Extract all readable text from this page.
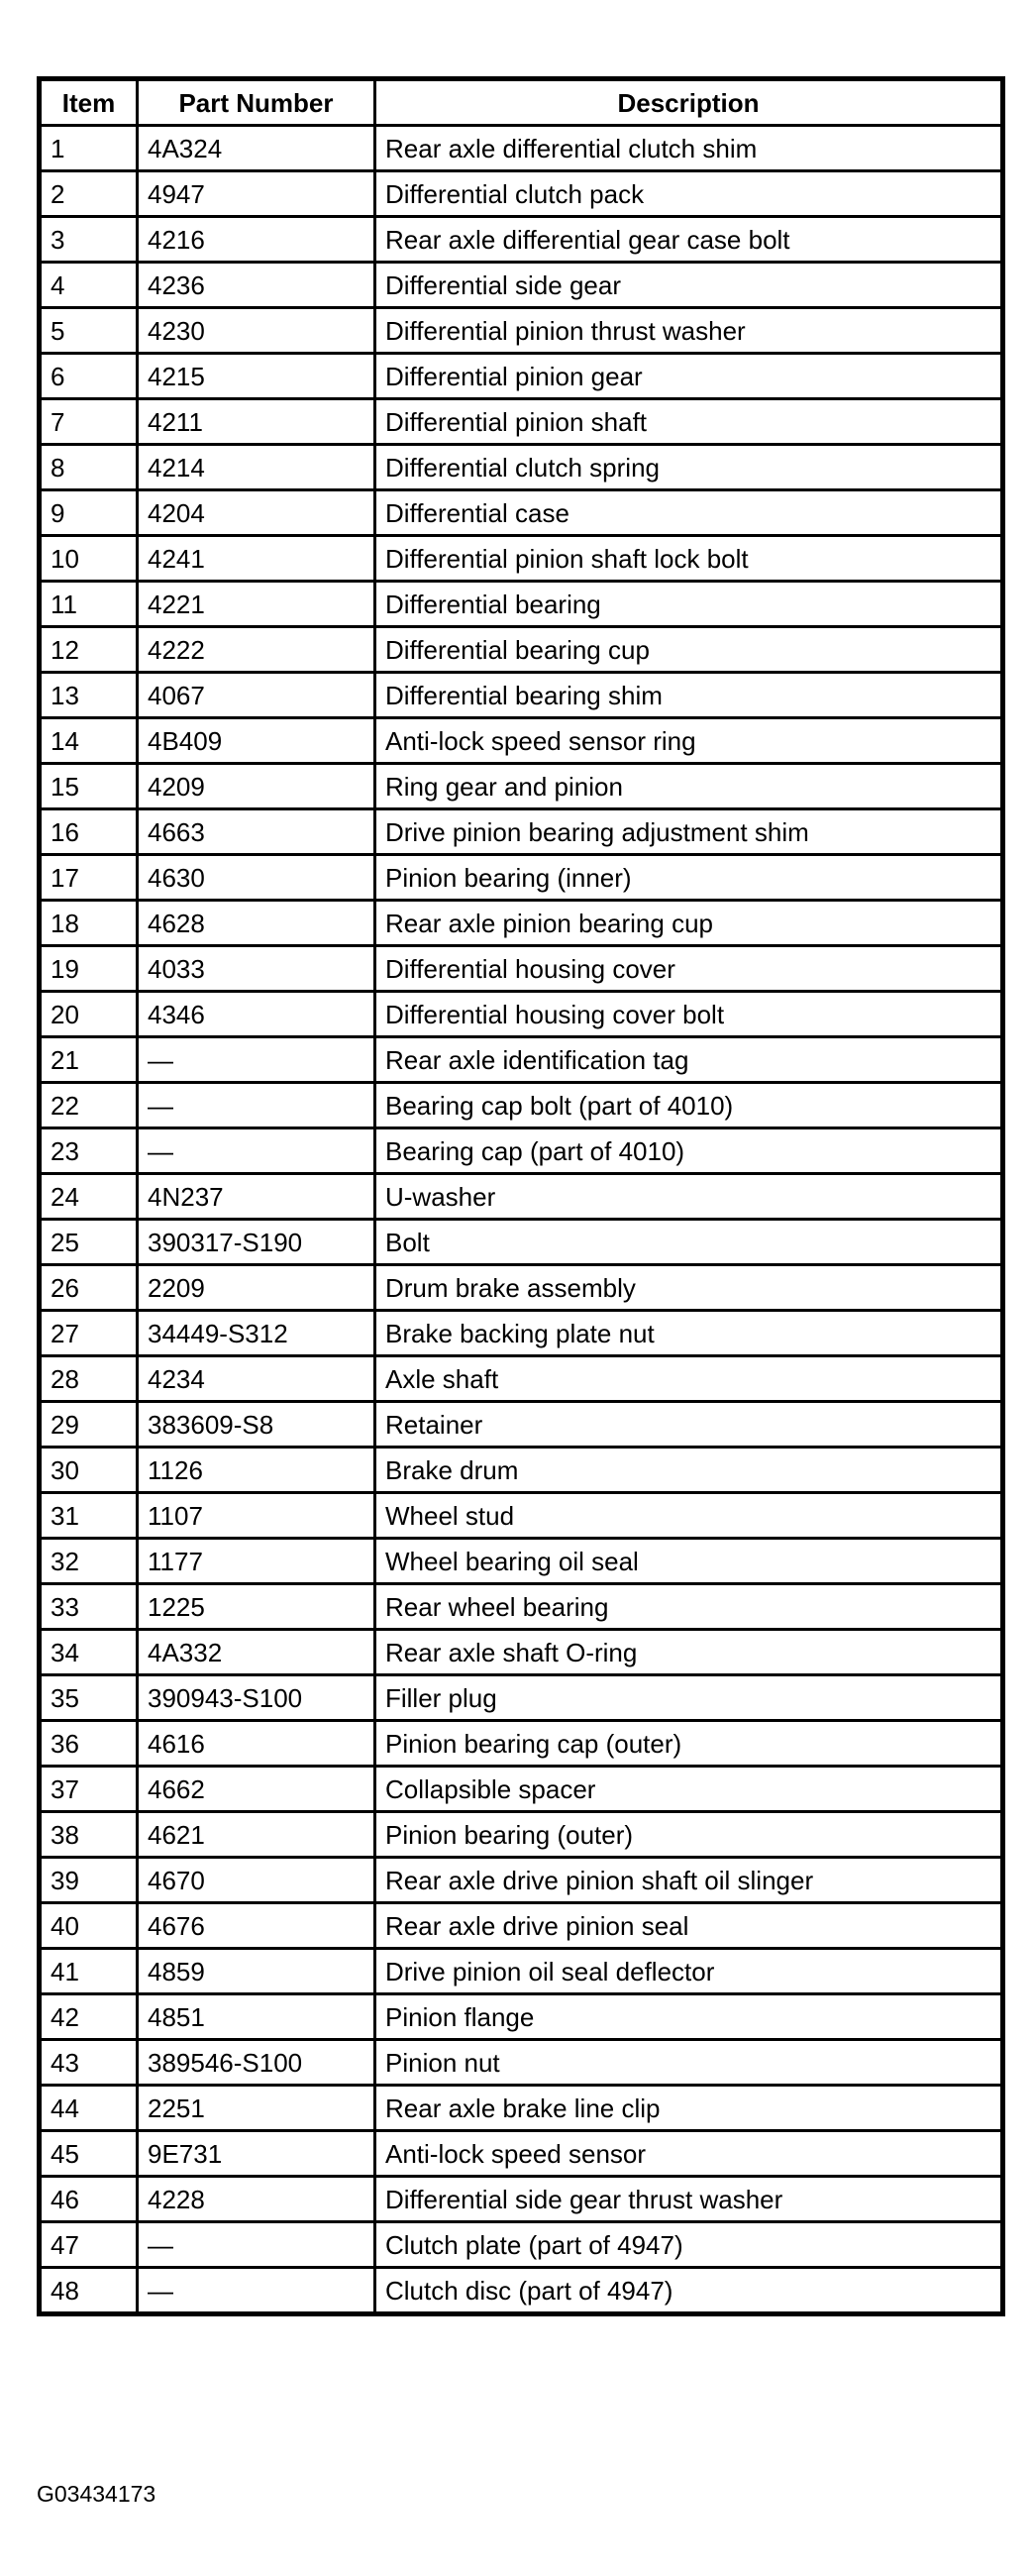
Item	Part Number	Description
1	4A324	Rear axle differential clutch shim
2	4947	Differential clutch pack
3	4216	Rear axle differential gear case bolt
4	4236	Differential side gear
5	4230	Differential pinion thrust washer
6	4215	Differential pinion gear
7	4211	Differential pinion shaft
8	4214	Differential clutch spring
9	4204	Differential case
10	4241	Differential pinion shaft lock bolt
11	4221	Differential bearing
12	4222	Differential bearing cup
13	4067	Differential bearing shim
14	4B409	Anti-lock speed sensor ring
15	4209	Ring gear and pinion
16	4663	Drive pinion bearing adjustment shim
17	4630	Pinion bearing (inner)
18	4628	Rear axle pinion bearing cup
19	4033	Differential housing cover
20	4346	Differential housing cover bolt
21	—	Rear axle identification tag
22	—	Bearing cap bolt (part of 4010)
23	—	Bearing cap (part of 4010)
24	4N237	U-washer
25	390317-S190	Bolt
26	2209	Drum brake assembly
27	34449-S312	Brake backing plate nut
28	4234	Axle shaft
29	383609-S8	Retainer
30	1126	Brake drum
31	1107	Wheel stud
32	1177	Wheel bearing oil seal
33	1225	Rear wheel bearing
34	4A332	Rear axle shaft O-ring
35	390943-S100	Filler plug
36	4616	Pinion bearing cap (outer)
37	4662	Collapsible spacer
38	4621	Pinion bearing (outer)
39	4670	Rear axle drive pinion shaft oil slinger
40	4676	Rear axle drive pinion seal
41	4859	Drive pinion oil seal deflector
42	4851	Pinion flange
43	389546-S100	Pinion nut
44	2251	Rear axle brake line clip
45	9E731	Anti-lock speed sensor
46	4228	Differential side gear thrust washer
47	—	Clutch plate (part of 4947)
48	—	Clutch disc (part of 4947)
G03434173
